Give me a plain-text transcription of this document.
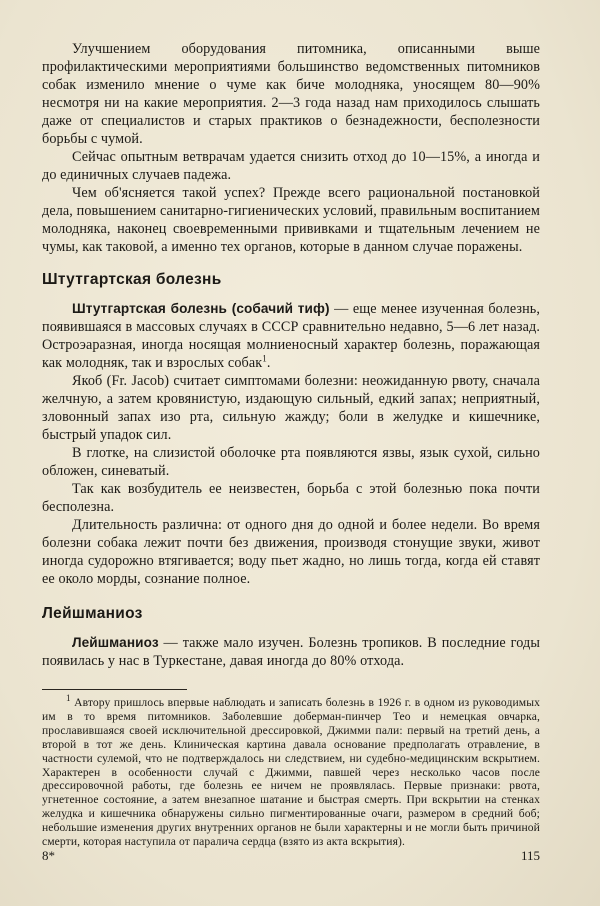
Улучшением оборудования питомника, описанными выше профилактическими мероприятиями большинство ведомственных питомников собак изменило мнение о чуме как биче молодняка, уносящем 80—90% несмотря ни на какие мероприятия. 2—3 года назад нам приходилось слышать даже от специалистов и старых практиков о безнадежности, бесполезности борьбы с чумой.

Сейчас опытным ветврачам удается снизить отход до 10—15%, а иногда и до единичных случаев падежа.

Чем об'ясняется такой успех? Прежде всего рациональной постановкой дела, повышением санитарно-гигиенических условий, правильным воспитанием молодняка, наконец своевременными прививками и тщательным лечением не чумы, как таковой, а именно тех органов, которые в данном случае поражены.

Штутгартская болезнь

Штутгартская болезнь (собачий тиф) — еще менее изученная болезнь, появившаяся в массовых случаях в СССР сравнительно недавно, 5—6 лет назад. Остроэаразная, иногда носящая молниеносный характер болезнь, поражающая как молодняк, так и взрослых собак$^1$.

Якоб (Fr. Jacob) считает симптомами болезни: неожиданную рвоту, сначала желчную, а затем кровянистую, издающую сильный, едкий запах; неприятный, зловонный запах изо рта, сильную жажду; боли в желудке и кишечнике, быстрый упадок сил.

В глотке, на слизистой оболочке рта появляются язвы, язык сухой, сильно обложен, синеватый.

Так как возбудитель ее неизвестен, борьба с этой болезнью пока почти бесполезна.

Длительность различна: от одного дня до одной и более недели. Во время болезни собака лежит почти без движения, производя стонущие звуки, живот иногда судорожно втягивается; воду пьет жадно, но лишь тогда, когда ей ставят ее около морды, сознание полное.

Лейшманиоз

Лейшманиоз — также мало изучен. Болезнь тропиков. В последние годы появилась у нас в Туркестане, давая иногда до 80% отхода.

$^1$ Автору пришлось впервые наблюдать и записать болезнь в 1926 г. в одном из руководимых им в то время питомников. Заболевшие доберман-пинчер Тео и немецкая овчарка, прославившаяся своей исключительной дрессировкой, Джимми пали: первый на третий день, а второй в тот же день. Клиническая картина давала основание предполагать отравление, в частности сулемой, что не подтверждалось ни следствием, ни судебно-медицинским вскрытием. Характерен в особенности случай с Джимми, павшей через несколько часов после дрессировочной работы, где болезнь ее ничем не проявлялась. Первые признаки: рвота, угнетенное состояние, а затем внезапное шатание и быстрая смерть. При вскрытии на стенках желудка и кишечника обнаружены сильно пигментированные очаги, размером в средний боб; небольшие изменения других внутренних органов не были характерны и не могли быть причиной смерти, которая наступила от паралича сердца (взято из акта вскрытия).

8*	115
